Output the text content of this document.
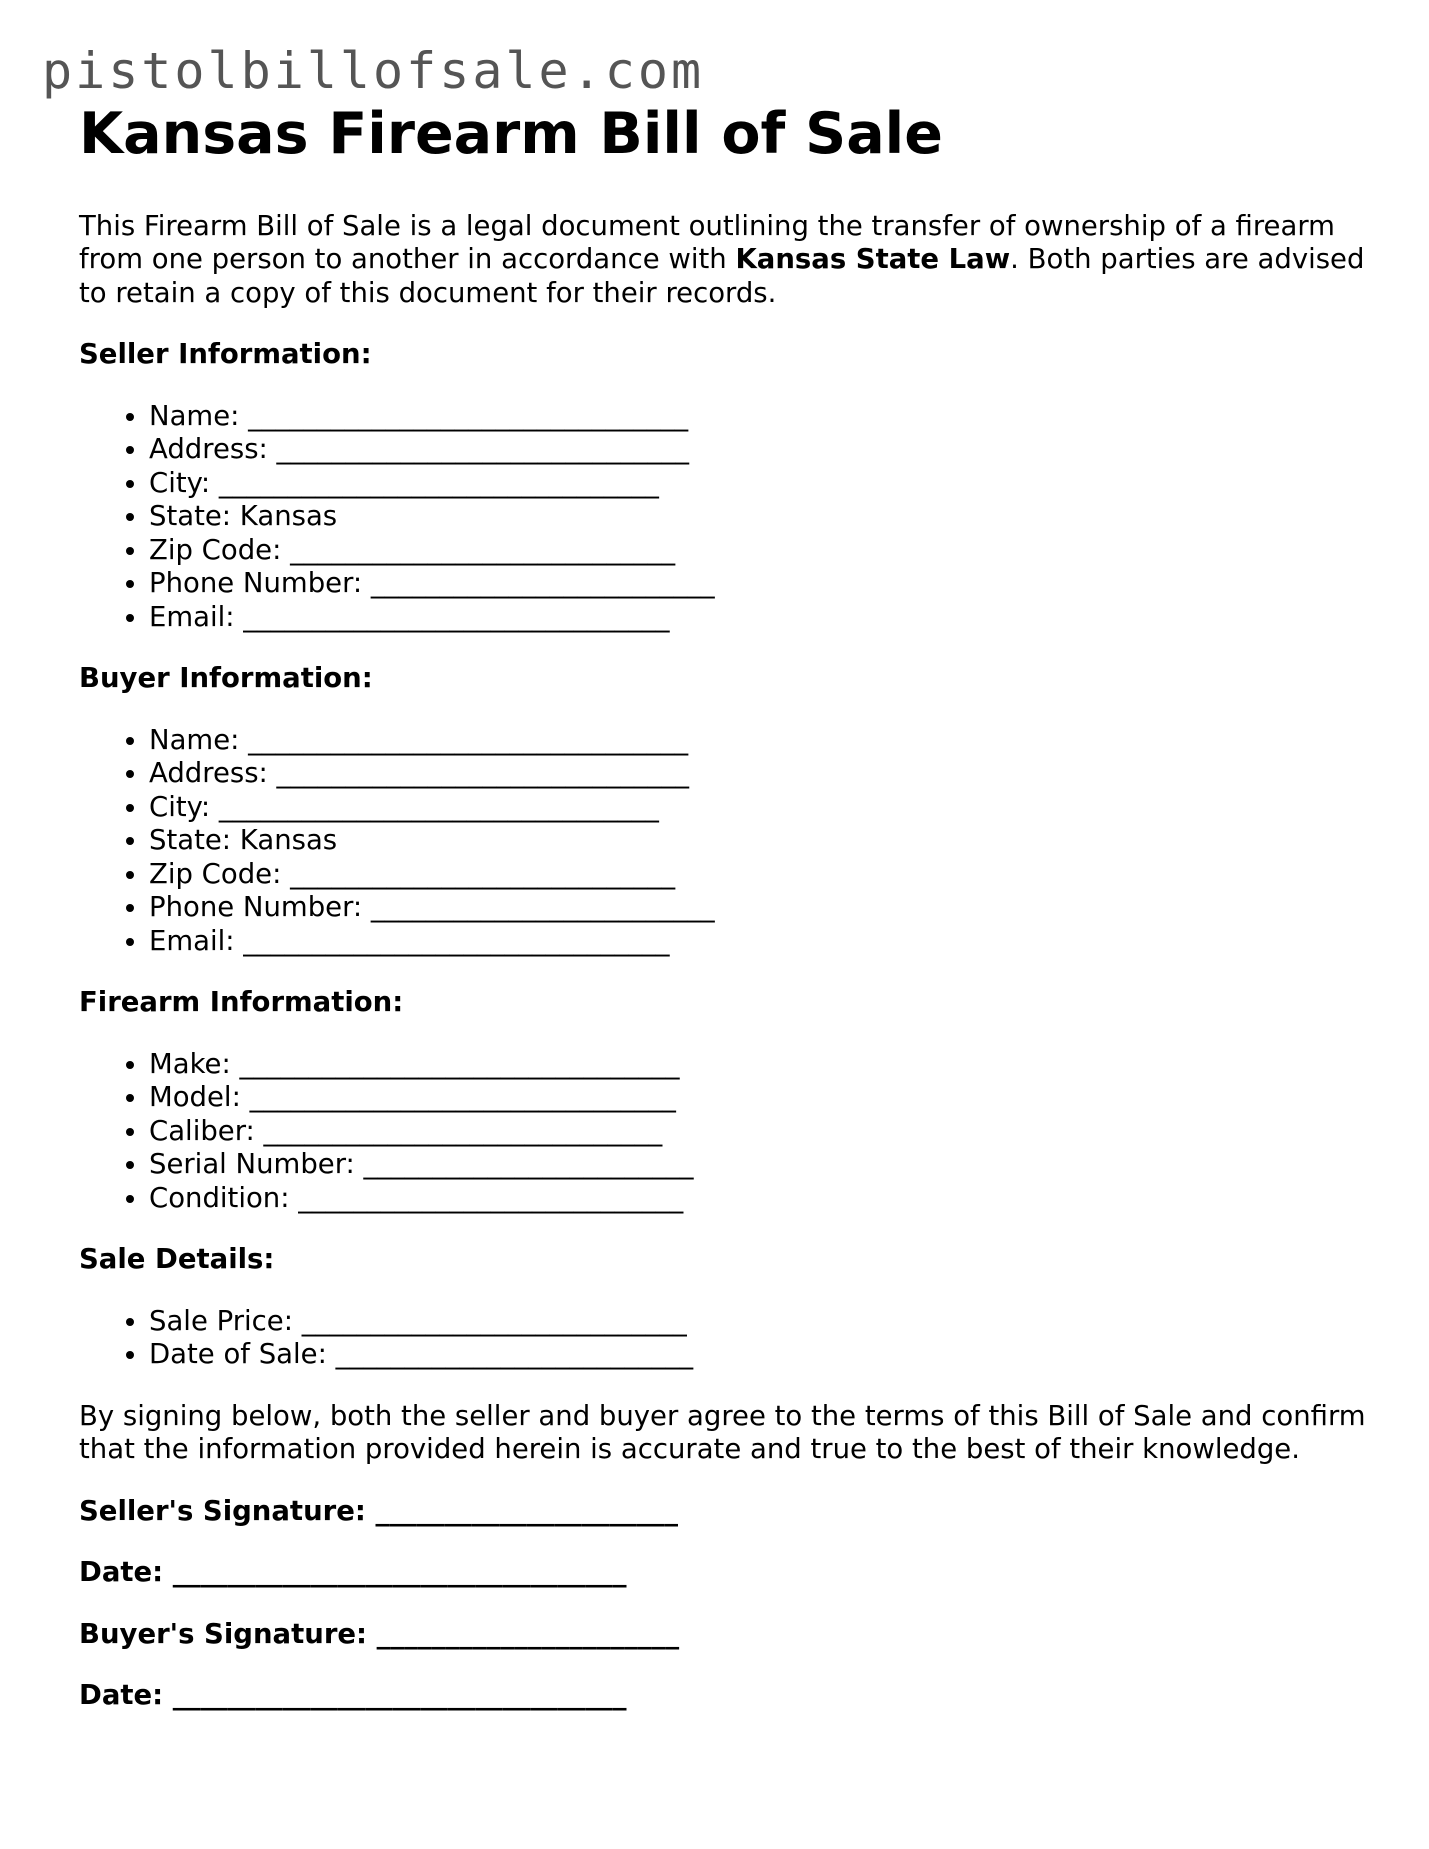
pistolbillofsale.com
Kansas Firearm Bill of Sale

This Firearm Bill of Sale is a legal document outlining the transfer of ownership of a firearm from one person to another in accordance with Kansas State Law. Both parties are advised to retain a copy of this document for their records.

Seller Information:

• Name: ________________________________
• Address: ______________________________
• City: ________________________________
• State: Kansas
• Zip Code: ____________________________
• Phone Number: _________________________
• Email: _______________________________

Buyer Information:

• Name: ________________________________
• Address: ______________________________
• City: ________________________________
• State: Kansas
• Zip Code: ____________________________
• Phone Number: _________________________
• Email: _______________________________

Firearm Information:

• Make: ________________________________
• Model: _______________________________
• Caliber: _____________________________
• Serial Number: ________________________
• Condition: ____________________________

Sale Details:

• Sale Price: ____________________________
• Date of Sale: __________________________

By signing below, both the seller and buyer agree to the terms of this Bill of Sale and confirm that the information provided herein is accurate and true to the best of their knowledge.

Seller's Signature: ______________________

Date: _________________________________

Buyer's Signature: ______________________

Date: _________________________________
